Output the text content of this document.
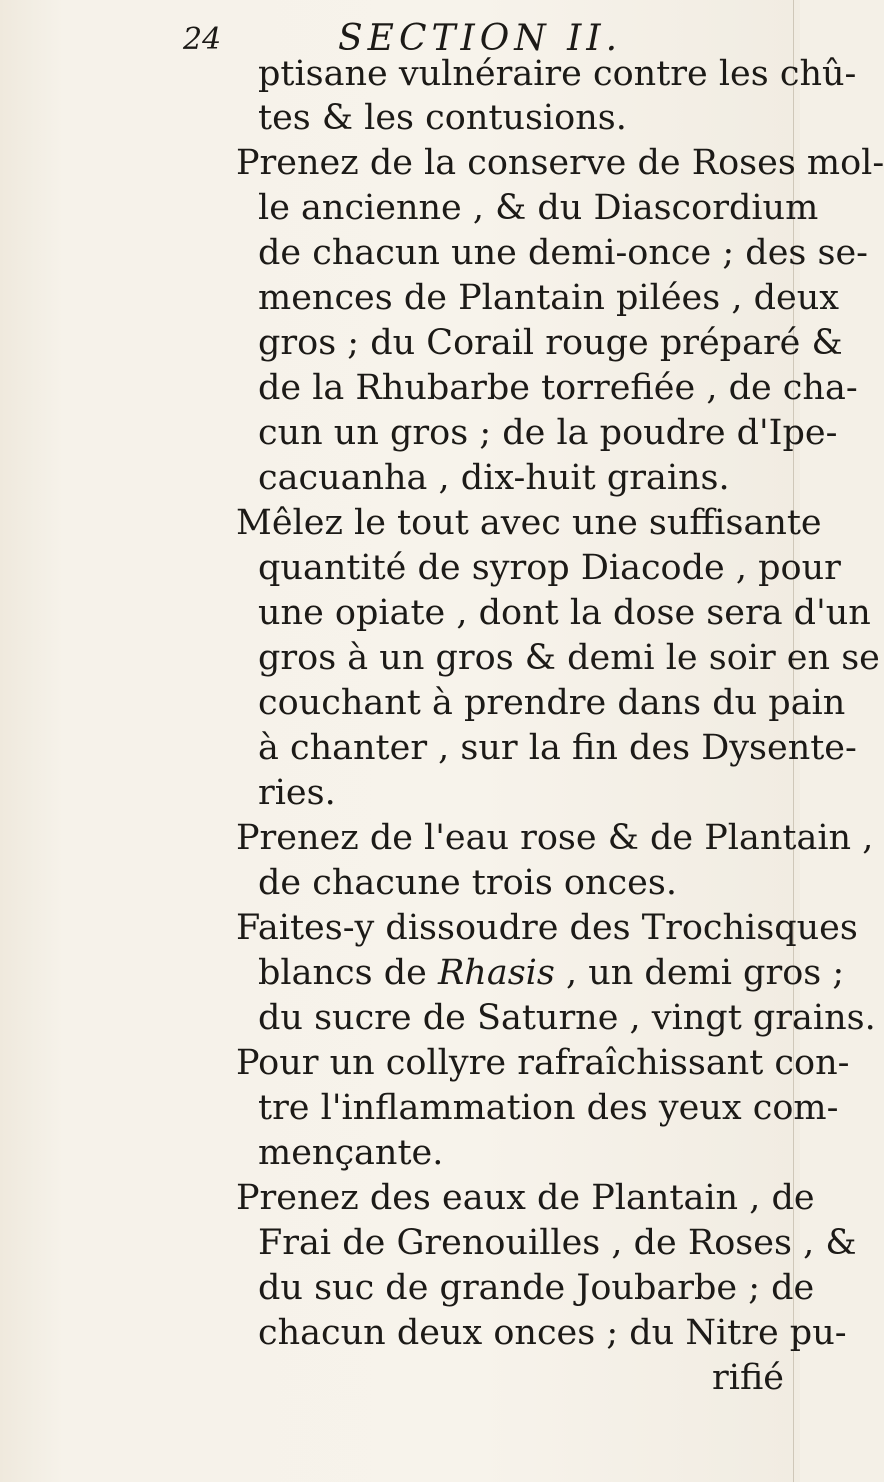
24	SECTION II.
ptisane vulnéraire contre les chû-
tes & les contusions.
Prenez de la conserve de Roses mol-
le ancienne , & du Diascordium
de chacun une demi-once ; des se-
mences de Plantain pilées , deux
gros ; du Corail rouge préparé &
de la Rhubarbe torrefiée , de cha-
cun un gros ; de la poudre d'Ipe-
cacuanha , dix-huit grains.
Mêlez le tout avec une suffisante
quantité de syrop Diacode , pour
une opiate , dont la dose sera d'un
gros à un gros & demi le soir en se
couchant à prendre dans du pain
à chanter , sur la fin des Dysente-
ries.
Prenez de l'eau rose & de Plantain ,
de chacune trois onces.
Faites-y dissoudre des Trochisques
blancs de Rhasis , un demi gros ;
du sucre de Saturne , vingt grains.
Pour un collyre rafraîchissant con-
tre l'inflammation des yeux com-
mençante.
Prenez des eaux de Plantain , de
Frai de Grenouilles , de Roses , &
du suc de grande Joubarbe ; de
chacun deux onces ; du Nitre pu-
rifié
